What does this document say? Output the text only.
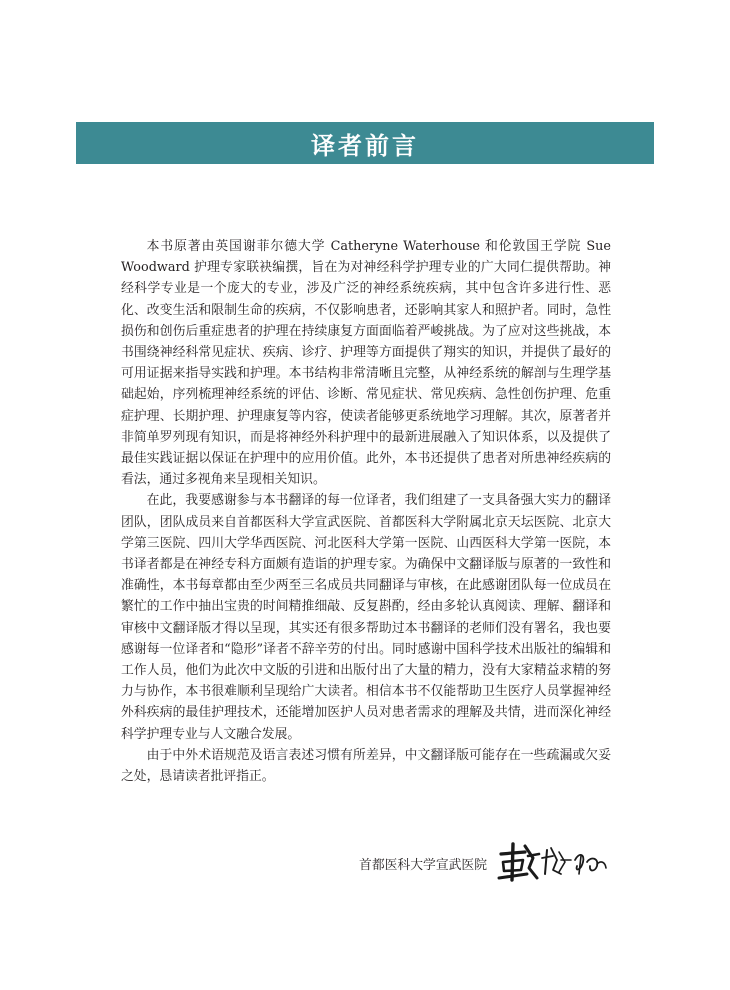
译者前言

本书原著由英国谢菲尔德大学 Catheryne Waterhouse 和伦敦国王学院 Sue Woodward 护理专家联袂编撰，旨在为对神经科学护理专业的广大同仁提供帮助。神经科学专业是一个庞大的专业，涉及广泛的神经系统疾病，其中包含许多进行性、恶化、改变生活和限制生命的疾病，不仅影响患者，还影响其家人和照护者。同时，急性损伤和创伤后重症患者的护理在持续康复方面面临着严峻挑战。为了应对这些挑战，本书围绕神经科常见症状、疾病、诊疗、护理等方面提供了翔实的知识，并提供了最好的可用证据来指导实践和护理。本书结构非常清晰且完整，从神经系统的解剖与生理学基础起始，序列梳理神经系统的评估、诊断、常见症状、常见疾病、急性创伤护理、危重症护理、长期护理、护理康复等内容，使读者能够更系统地学习理解。其次，原著者并非简单罗列现有知识，而是将神经外科护理中的最新进展融入了知识体系，以及提供了最佳实践证据以保证在护理中的应用价值。此外，本书还提供了患者对所患神经疾病的看法，通过多视角来呈现相关知识。

在此，我要感谢参与本书翻译的每一位译者，我们组建了一支具备强大实力的翻译团队，团队成员来自首都医科大学宣武医院、首都医科大学附属北京天坛医院、北京大学第三医院、四川大学华西医院、河北医科大学第一医院、山西医科大学第一医院，本书译者都是在神经专科方面颇有造诣的护理专家。为确保中文翻译版与原著的一致性和准确性，本书每章都由至少两至三名成员共同翻译与审核，在此感谢团队每一位成员在繁忙的工作中抽出宝贵的时间精推细敲、反复斟酌，经由多轮认真阅读、理解、翻译和审核中文翻译版才得以呈现，其实还有很多帮助过本书翻译的老师们没有署名，我也要感谢每一位译者和“隐形”译者不辞辛劳的付出。同时感谢中国科学技术出版社的编辑和工作人员，他们为此次中文版的引进和出版付出了大量的精力，没有大家精益求精的努力与协作，本书很难顺利呈现给广大读者。相信本书不仅能帮助卫生医疗人员掌握神经外科疾病的最佳护理技术，还能增加医护人员对患者需求的理解及共情，进而深化神经科学护理专业与人文融合发展。

由于中外术语规范及语言表述习惯有所差异，中文翻译版可能存在一些疏漏或欠妥之处，恳请读者批评指正。

首都医科大学宣武医院
